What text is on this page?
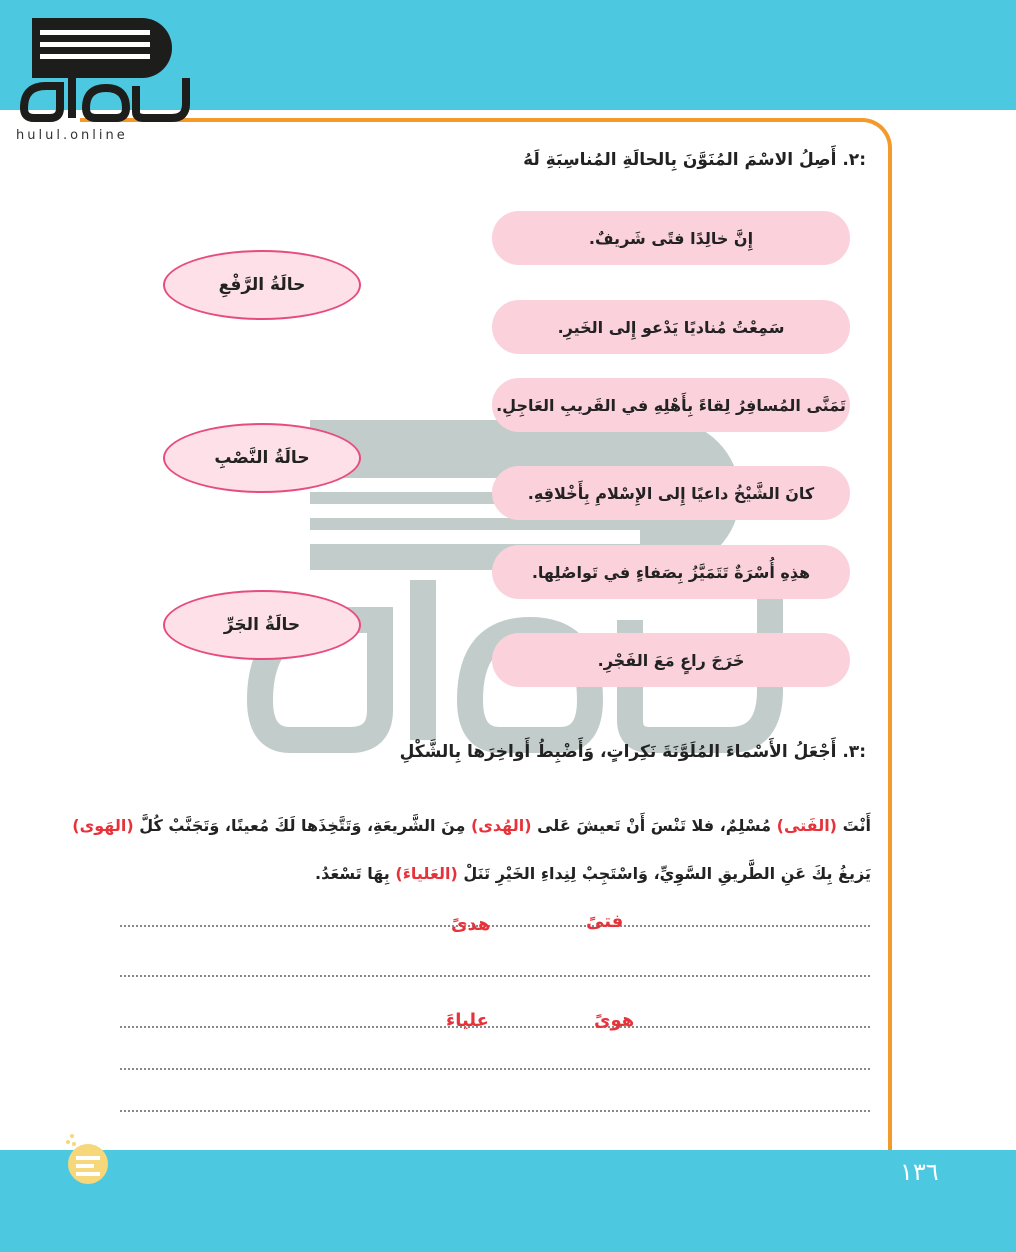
hulul.online
٢. أَصِلُ الاسْمَ المُنَوَّنَ بِالحالَةِ المُناسِبَةِ لَهُ:
إِنَّ خالِدًا فتًى شَريفٌ.
سَمِعْتُ مُناديًا يَدْعو إِلى الخَيرِ.
تَمَنَّى المُسافِرُ لِقاءً بِأَهْلِهِ في القَريبِ العَاجِلِ.
كانَ الشَّيْخُ داعيًا إِلى الإِسْلامِ بِأَخْلاقِهِ.
هذِهِ أُسْرَةٌ تَتَمَيَّزُ بِصَفاءٍ في تَواصُلِها.
خَرَجَ راعٍ مَعَ الفَجْرِ.
حالَةُ الرَّفْعِ
حالَةُ النَّصْبِ
حالَةُ الجَرِّ
٣. أَجْعَلُ الأَسْماءَ المُلَوَّنَةَ نَكِراتٍ، وَأَضْبِطُ أَواخِرَها بِالشَّكْلِ:
أَنْتَ (الفَتى) مُسْلِمٌ، فلا تَنْسَ أَنْ تَعيشَ عَلى (الهُدى) مِنَ الشَّريعَةِ، وَتَتَّخِذَها لَكَ مُعينًا، وَتَجَنَّبْ كُلَّ (الهَوى)
يَزيغُ بِكَ عَنِ الطَّريقِ السَّوِيِّ، وَاسْتَجِبْ لِنِداءِ الخَيْرِ تَنَلْ (العَلياءَ) بِهَا تَسْعَدُ.
فتىً
هدىً
هوىً
علياءَ
١٣٦
